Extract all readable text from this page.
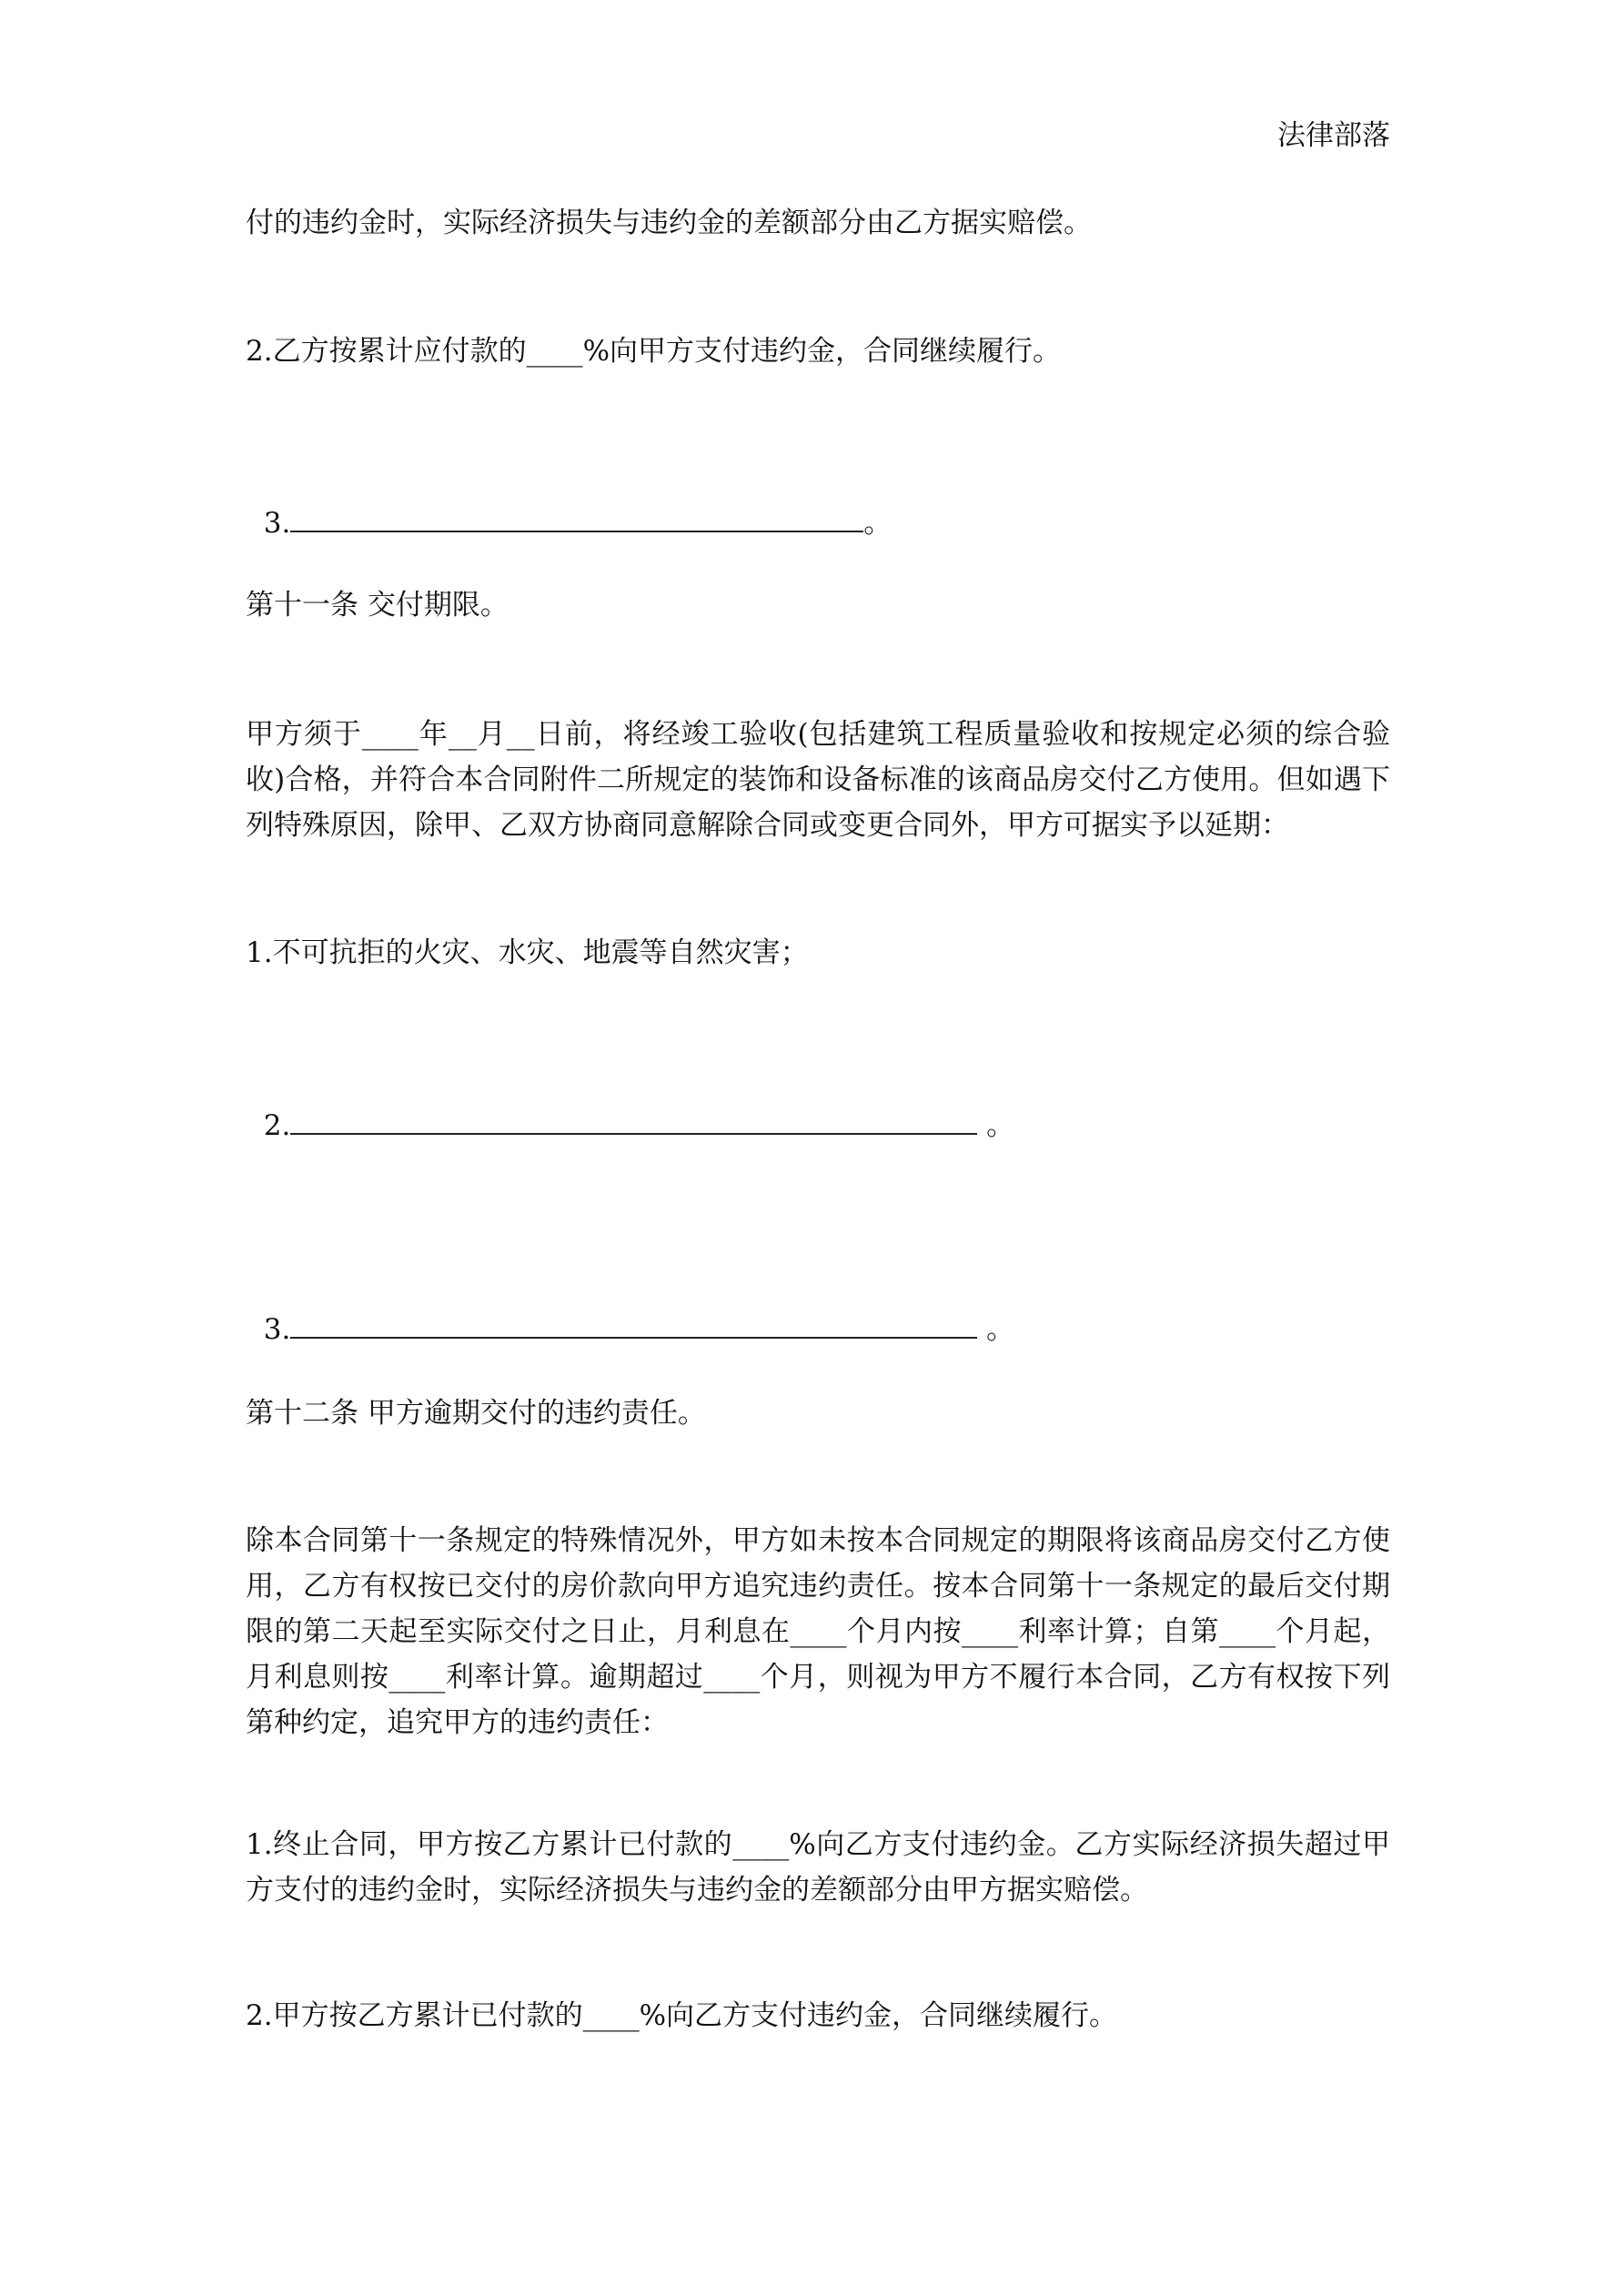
法律部落
付的违约金时，实际经济损失与违约金的差额部分由乙方据实赔偿。
2.乙方按累计应付款的____%向甲方支付违约金，合同继续履行。

3.	。

第十一条 交付期限。
甲方须于____年__月__日前，将经竣工验收(包括建筑工程质量验收和按规定必须的综合验收)合格，并符合本合同附件二所规定的装饰和设备标准的该商品房交付乙方使用。但如遇下列特殊原因，除甲、乙双方协商同意解除合同或变更合同外，甲方可据实予以延期：
1.不可抗拒的火灾、水灾、地震等自然灾害；

2.	。

3.	。

第十二条 甲方逾期交付的违约责任。
除本合同第十一条规定的特殊情况外，甲方如未按本合同规定的期限将该商品房交付乙方使用，乙方有权按已交付的房价款向甲方追究违约责任。按本合同第十一条规定的最后交付期限的第二天起至实际交付之日止，月利息在____个月内按____利率计算；自第____个月起，月利息则按____利率计算。逾期超过____个月，则视为甲方不履行本合同，乙方有权按下列第种约定，追究甲方的违约责任：
1.终止合同，甲方按乙方累计已付款的____%向乙方支付违约金。乙方实际经济损失超过甲方支付的违约金时，实际经济损失与违约金的差额部分由甲方据实赔偿。
2.甲方按乙方累计已付款的____%向乙方支付违约金，合同继续履行。
